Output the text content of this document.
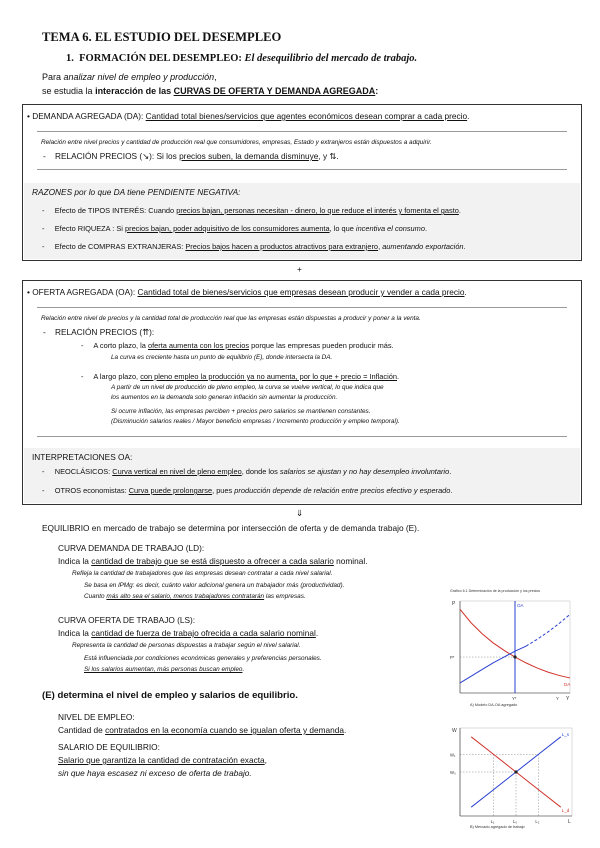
TEMA 6. EL ESTUDIO DEL DESEMPLEO
1. FORMACIÓN DEL DESEMPLEO: El desequilibrio del mercado de trabajo.
Para analizar nivel de empleo y producción,
se estudia la interacción de las CURVAS DE OFERTA Y DEMANDA AGREGADA:
• DEMANDA AGREGADA (DA): Cantidad total bienes/servicios que agentes económicos desean comprar a cada precio.
Relación entre nivel precios y cantidad de producción real que consumidores, empresas, Estado y extranjeros están dispuestos a adquirir.
- RELACIÓN PRECIOS (↘): Si los precios suben, la demanda disminuye, y ⇅.
RAZONES por lo que DA tiene PENDIENTE NEGATIVA:
- Efecto de TIPOS INTERÉS: Cuando precios bajan, personas necesitan - dinero, lo que reduce el interés y fomenta el gasto.
- Efecto RIQUEZA : Si precios bajan, poder adquisitivo de los consumidores aumenta, lo que incentiva el consumo.
- Efecto de COMPRAS EXTRANJERAS: Precios bajos hacen a productos atractivos para extranjero, aumentando exportación.
+
• OFERTA AGREGADA (OA): Cantidad total de bienes/servicios que empresas desean producir y vender a cada precio.
Relación entre nivel de precios y la cantidad total de producción real que las empresas están dispuestas a producir y poner a la venta.
- RELACIÓN PRECIOS (⇈):
- A corto plazo, la oferta aumenta con los precios porque las empresas pueden producir más.
La curva es creciente hasta un punto de equilibrio (E), donde intersecta la DA.
- A largo plazo, con pleno empleo la producción ya no aumenta, por lo que + precio = Inflación.
A partir de un nivel de producción de pleno empleo, la curva se vuelve vertical, lo que indica que
los aumentos en la demanda solo generan inflación sin aumentar la producción.
Si ocurre inflación, las empresas perciben + precios pero salarios se mantienen constantes.
(Disminución salarios reales / Mayor beneficio empresas / Incremento producción y empleo temporal).
INTERPRETACIONES OA:
- NEOCLÁSICOS: Curva vertical en nivel de pleno empleo, donde los salarios se ajustan y no hay desempleo involuntario.
- OTROS economistas: Curva puede prolongarse, pues producción depende de relación entre precios efectivo y esperado.
⇓
EQUILIBRIO en mercado de trabajo se determina por intersección de oferta y de demanda trabajo (E).
CURVA DEMANDA DE TRABAJO (LD):
Indica la cantidad de trabajo que se está dispuesto a ofrecer a cada salario nominal.
Refleja la cantidad de trabajadores que las empresas desean contratar a cada nivel salarial.
Se basa en lPMg: es decir, cuánto valor adicional genera un trabajador más (productividad).
Cuanto más alto sea el salario, menos trabajadores contratarán las empresas.
CURVA OFERTA DE TRABAJO (LS):
Indica la cantidad de fuerza de trabajo ofrecida a cada salario nominal.
Representa la cantidad de personas dispuestas a trabajar según el nivel salarial.
Está influenciada por condiciones económicas generales y preferencias personales.
Si los salarios aumentan, más personas buscan empleo.
(E) determina el nivel de empleo y salarios de equilibrio.
NIVEL DE EMPLEO:
Cantidad de contratados en la economía cuando se igualan oferta y demanda.
SALARIO DE EQUILIBRIO:
Salario que garantiza la cantidad de contratación exacta,
sin que haya escasez ni exceso de oferta de trabajo.
Gráfico 6.1 Determinación de la producción y los precios
P
Y
P*
Y*	Y
DA
OA
A) Modelo DA-OA agregado
W
L
W₁
W₀
L₁	L₀	L₂
L_s
L_d
B) Mercado agregado de trabajo
